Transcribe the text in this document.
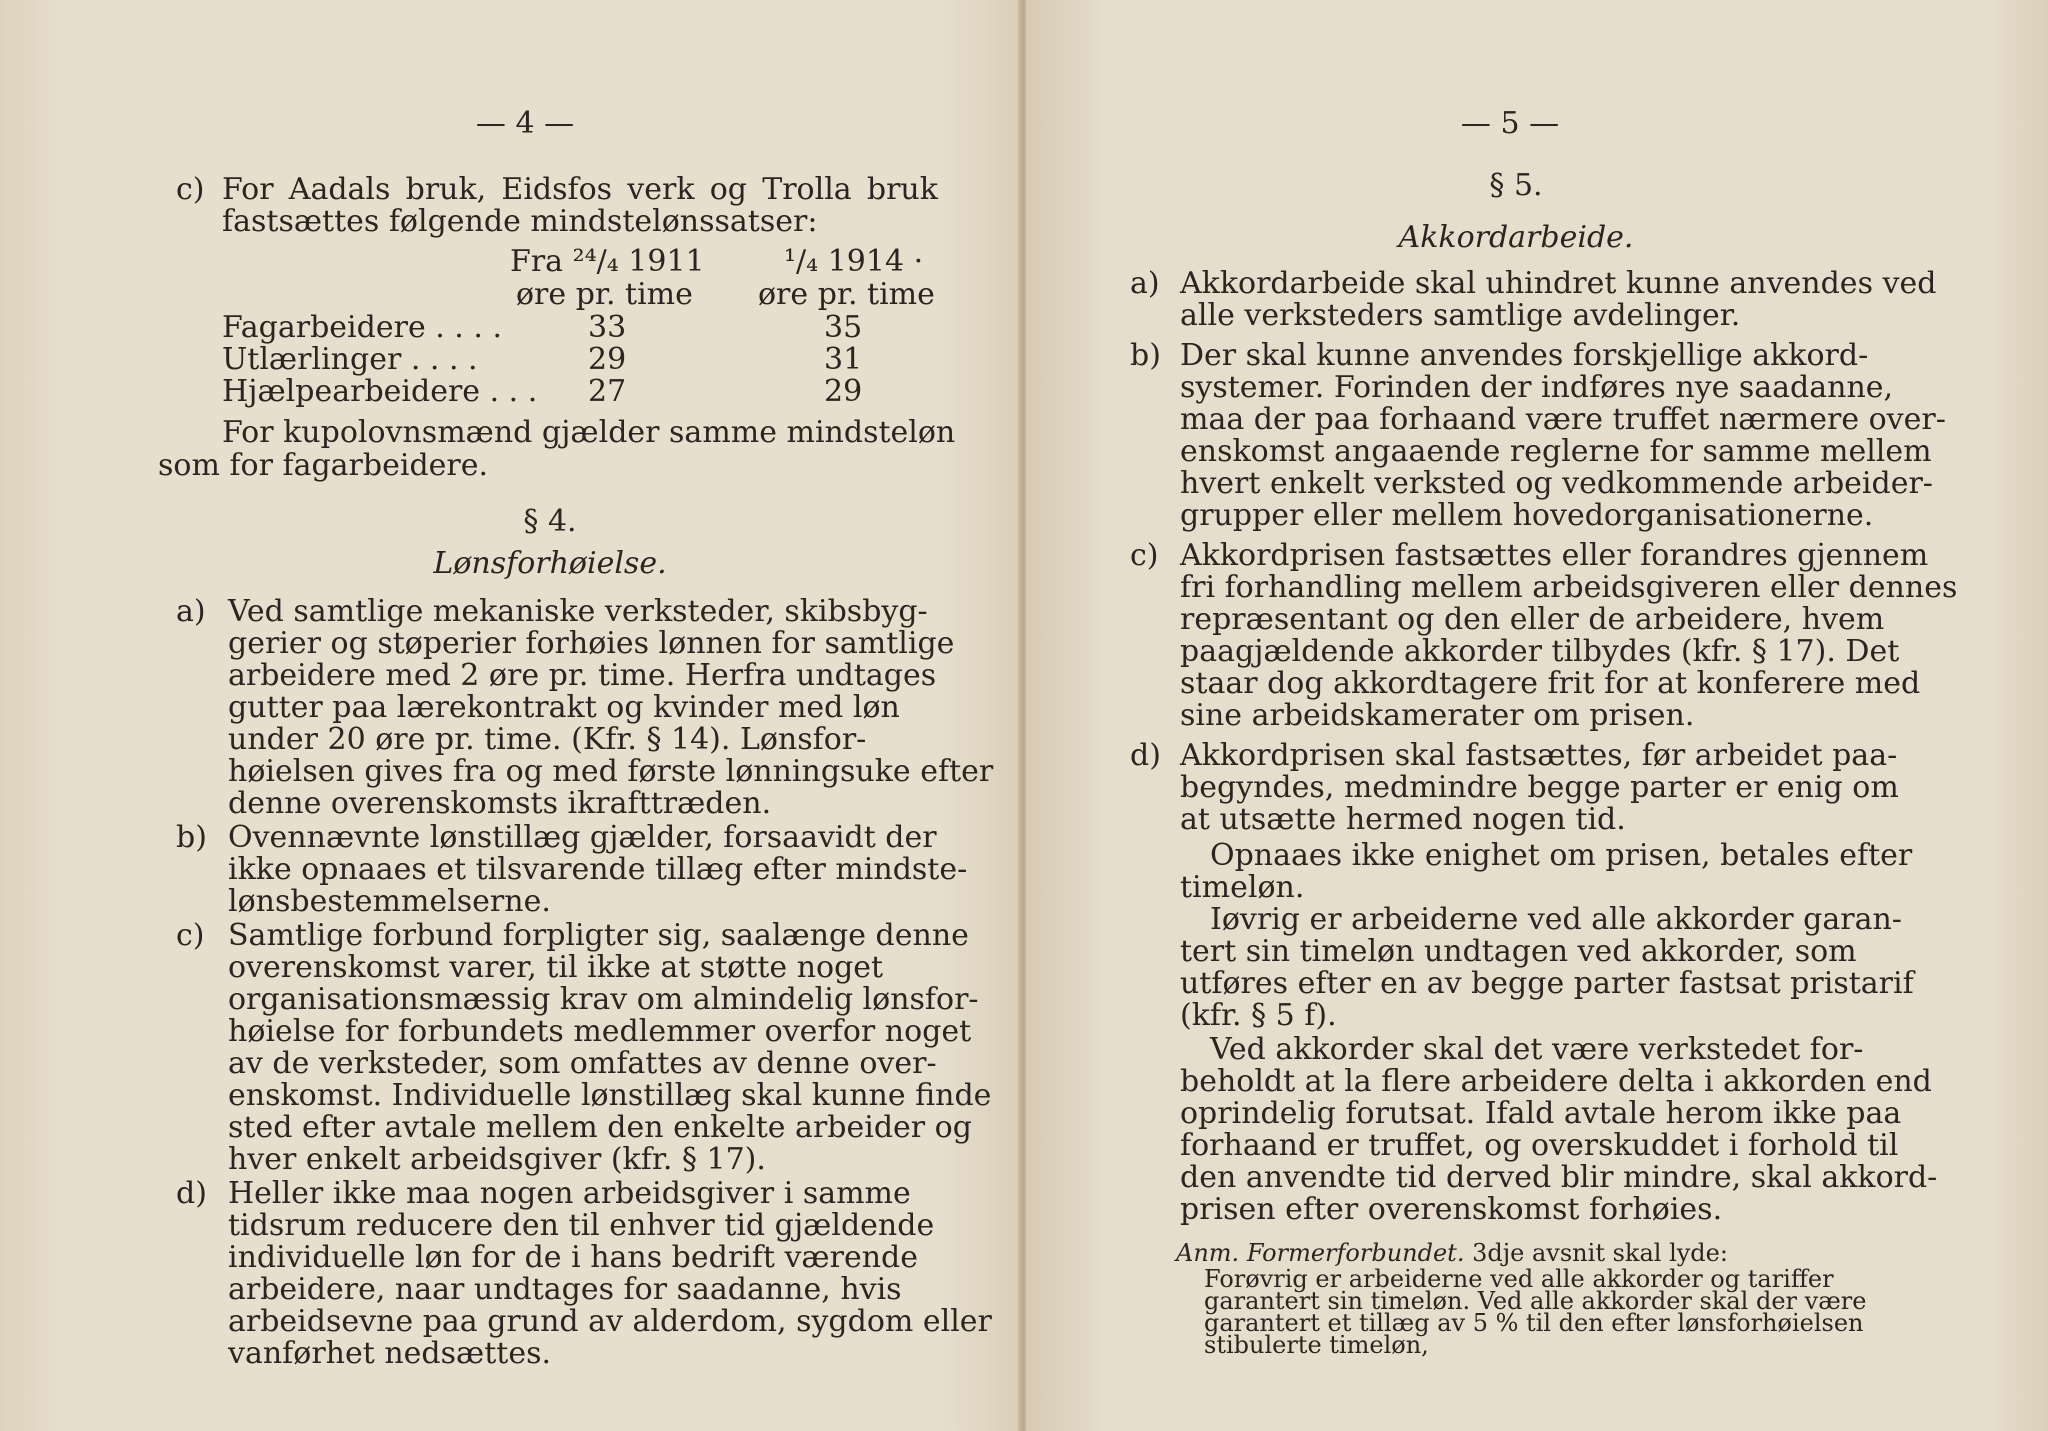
— 4 —
c) For Aadals bruk, Eidsfos verk og Trolla bruk
fastsættes følgende mindstelønssatser:
Fra ²⁴/₄ 1911	¹/₄ 1914 ·
øre pr. time øre pr. time
Fagarbeidere . . . .	33	35
Utlærlinger . . . .	29	31
Hjælpearbeidere . . . 27	29
For kupolovnsmænd gjælder samme mindsteløn
som for fagarbeidere.
§ 4.
Lønsforhøielse.
a) Ved samtlige mekaniske verksteder, skibsbyg-
gerier og støperier forhøies lønnen for samtlige
arbeidere med 2 øre pr. time. Herfra undtages
gutter paa lærekontrakt og kvinder med løn
under 20 øre pr. time. (Kfr. § 14). Lønsfor-
høielsen gives fra og med første lønningsuke efter
denne overenskomsts ikrafttræden.
b) Ovennævnte lønstillæg gjælder, forsaavidt der
ikke opnaaes et tilsvarende tillæg efter mindste-
lønsbestemmelserne.
c) Samtlige forbund forpligter sig, saalænge denne
overenskomst varer, til ikke at støtte noget
organisationsmæssig krav om almindelig lønsfor-
høielse for forbundets medlemmer overfor noget
av de verksteder, som omfattes av denne over-
enskomst. Individuelle lønstillæg skal kunne finde
sted efter avtale mellem den enkelte arbeider og
hver enkelt arbeidsgiver (kfr. § 17).
d) Heller ikke maa nogen arbeidsgiver i samme
tidsrum reducere den til enhver tid gjældende
individuelle løn for de i hans bedrift værende
arbeidere, naar undtages for saadanne, hvis
arbeidsevne paa grund av alderdom, sygdom eller
vanførhet nedsættes.
— 5 —
§ 5.
Akkordarbeide.
a) Akkordarbeide skal uhindret kunne anvendes ved
alle verksteders samtlige avdelinger.
b) Der skal kunne anvendes forskjellige akkord-
systemer. Forinden der indføres nye saadanne,
maa der paa forhaand være truffet nærmere over-
enskomst angaaende reglerne for samme mellem
hvert enkelt verksted og vedkommende arbeider-
grupper eller mellem hovedorganisationerne.
c) Akkordprisen fastsættes eller forandres gjennem
fri forhandling mellem arbeidsgiveren eller dennes
repræsentant og den eller de arbeidere, hvem
paagjældende akkorder tilbydes (kfr. § 17). Det
staar dog akkordtagere frit for at konferere med
sine arbeidskamerater om prisen.
d) Akkordprisen skal fastsættes, før arbeidet paa-
begyndes, medmindre begge parter er enig om
at utsætte hermed nogen tid.
Opnaaes ikke enighet om prisen, betales efter
timeløn.
Iøvrig er arbeiderne ved alle akkorder garan-
tert sin timeløn undtagen ved akkorder, som
utføres efter en av begge parter fastsat pristarif
(kfr. § 5 f).
Ved akkorder skal det være verkstedet for-
beholdt at la flere arbeidere delta i akkorden end
oprindelig forutsat. Ifald avtale herom ikke paa
forhaand er truffet, og overskuddet i forhold til
den anvendte tid derved blir mindre, skal akkord-
prisen efter overenskomst forhøies.
Anm. Formerforbundet. 3dje avsnit skal lyde:
Forøvrig er arbeiderne ved alle akkorder og tariffer
garantert sin timeløn. Ved alle akkorder skal der være
garantert et tillæg av 5 % til den efter lønsforhøielsen
stibulerte timeløn,
